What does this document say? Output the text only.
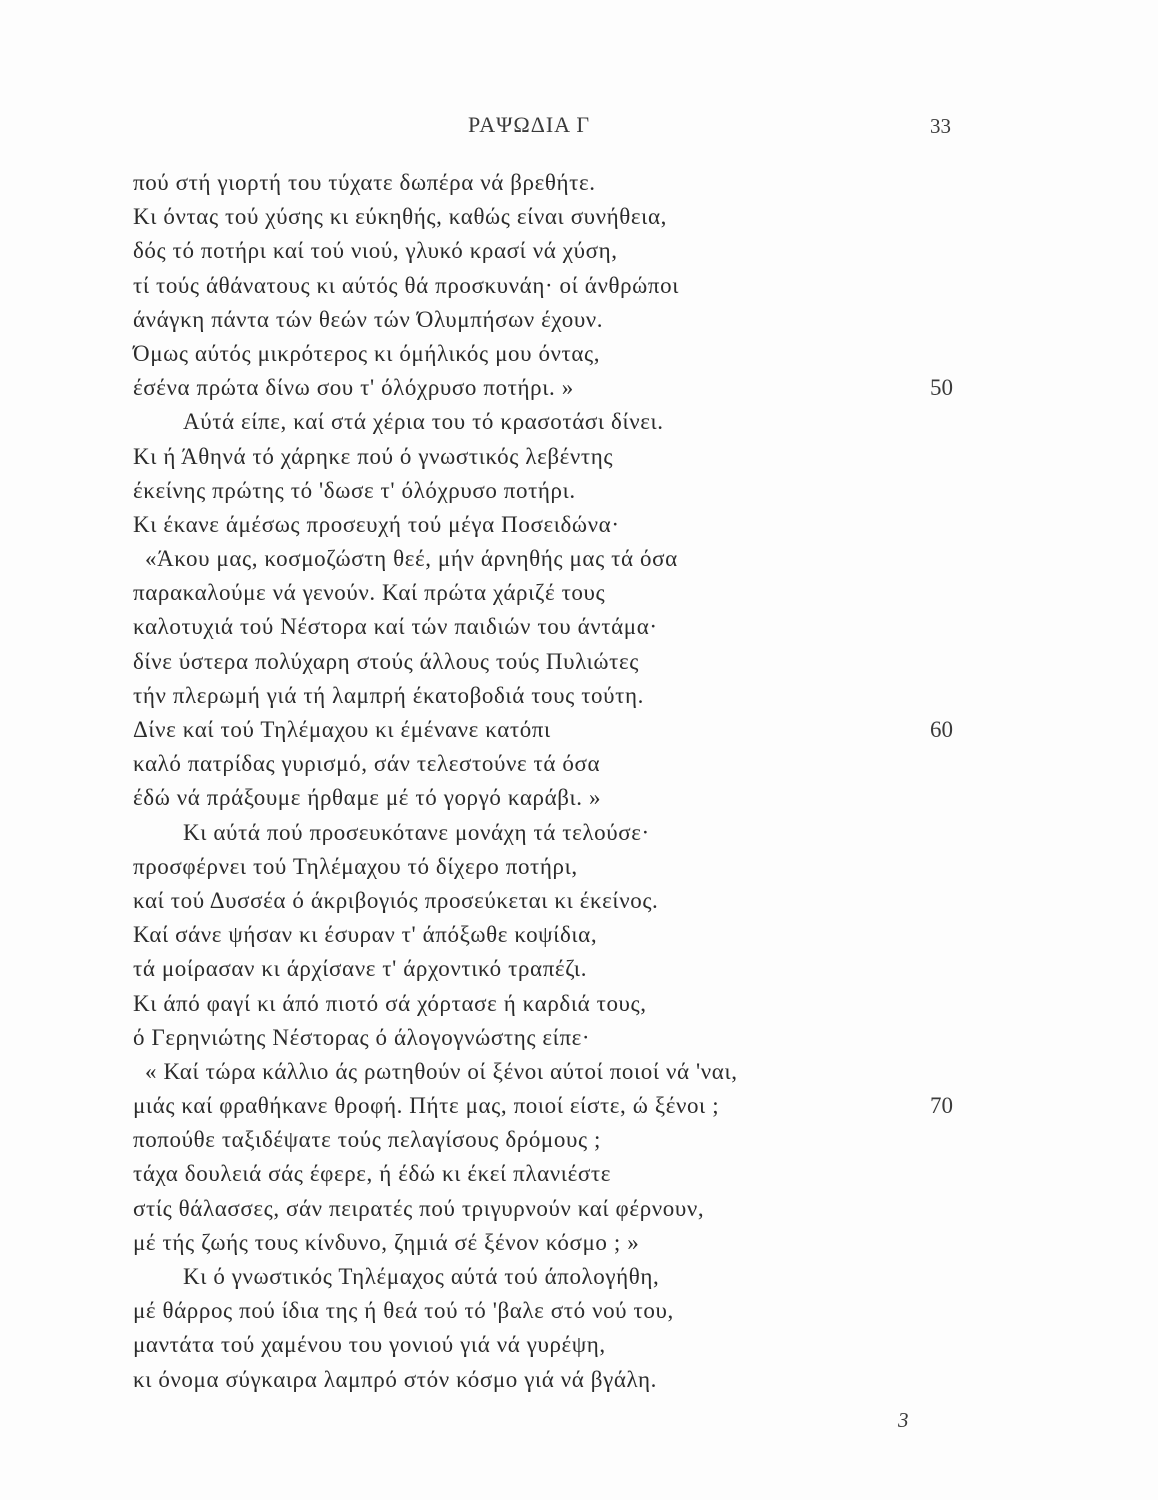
ΡΑΨΩΔΙΑ Γ	33
πού στή γιορτή του τύχατε δωπέρα νά βρεθήτε.
Κι όντας τού χύσης κι εύκηθής, καθώς είναι συνήθεια,
δός τό ποτήρι καί τού νιού, γλυκό κρασί νά χύση,
τί τούς άθάνατους κι αύτός θά προσκυνάη· οί άνθρώποι
άνάγκη πάντα τών θεών τών Όλυμπήσων έχουν.
Όμως αύτός μικρότερος κι όμήλικός μου όντας,
έσένα πρώτα δίνω σου τ' όλόχρυσο ποτήρι. »	50
Αύτά είπε, καί στά χέρια του τό κρασοτάσι δίνει.
Κι ή Άθηνά τό χάρηκε πού ό γνωστικός λεβέντης
έκείνης πρώτης τό 'δωσε τ' όλόχρυσο ποτήρι.
Κι έκανε άμέσως προσευχή τού μέγα Ποσειδώνα·
«Άκου μας, κοσμοζώστη θεέ, μήν άρνηθής μας τά όσα
παρακαλούμε νά γενούν. Καί πρώτα χάριζέ τους
καλοτυχιά τού Νέστορα καί τών παιδιών του άντάμα·
δίνε ύστερα πολύχαρη στούς άλλους τούς Πυλιώτες
τήν πλερωμή γιά τή λαμπρή έκατοβοδιά τους τούτη.
Δίνε καί τού Τηλέμαχου κι έμένανε κατόπι	60
καλό πατρίδας γυρισμό, σάν τελεστούνε τά όσα
έδώ νά πράξουμε ήρθαμε μέ τό γοργό καράβι. »
Κι αύτά πού προσευκότανε μονάχη τά τελούσε·
προσφέρνει τού Τηλέμαχου τό δίχερο ποτήρι,
καί τού Δυσσέα ό άκριβογιός προσεύκεται κι έκείνος.
Καί σάνε ψήσαν κι έσυραν τ' άπόξωθε κοψίδια,
τά μοίρασαν κι άρχίσανε τ' άρχοντικό τραπέζι.
Κι άπό φαγί κι άπό πιοτό σά χόρτασε ή καρδιά τους,
ό Γερηνιώτης Νέστορας ό άλογογνώστης είπε·
« Καί τώρα κάλλιο άς ρωτηθούν οί ξένοι αύτοί ποιοί νά 'ναι,
μιάς καί φραθήκανε θροφή. Πήτε μας, ποιοί είστε, ώ ξένοι ;	70
ποπούθε ταξιδέψατε τούς πελαγίσους δρόμους ;
τάχα δουλειά σάς έφερε, ή έδώ κι έκεί πλανιέστε
στίς θάλασσες, σάν πειρατές πού τριγυρνούν καί φέρνουν,
μέ τής ζωής τους κίνδυνο, ζημιά σέ ξένον κόσμο ; »
Κι ό γνωστικός Τηλέμαχος αύτά τού άπολογήθη,
μέ θάρρος πού ίδια της ή θεά τού τό 'βαλε στό νού του,
μαντάτα τού χαμένου του γονιού γιά νά γυρέψη,
κι όνομα σύγκαιρα λαμπρό στόν κόσμο γιά νά βγάλη.
3
